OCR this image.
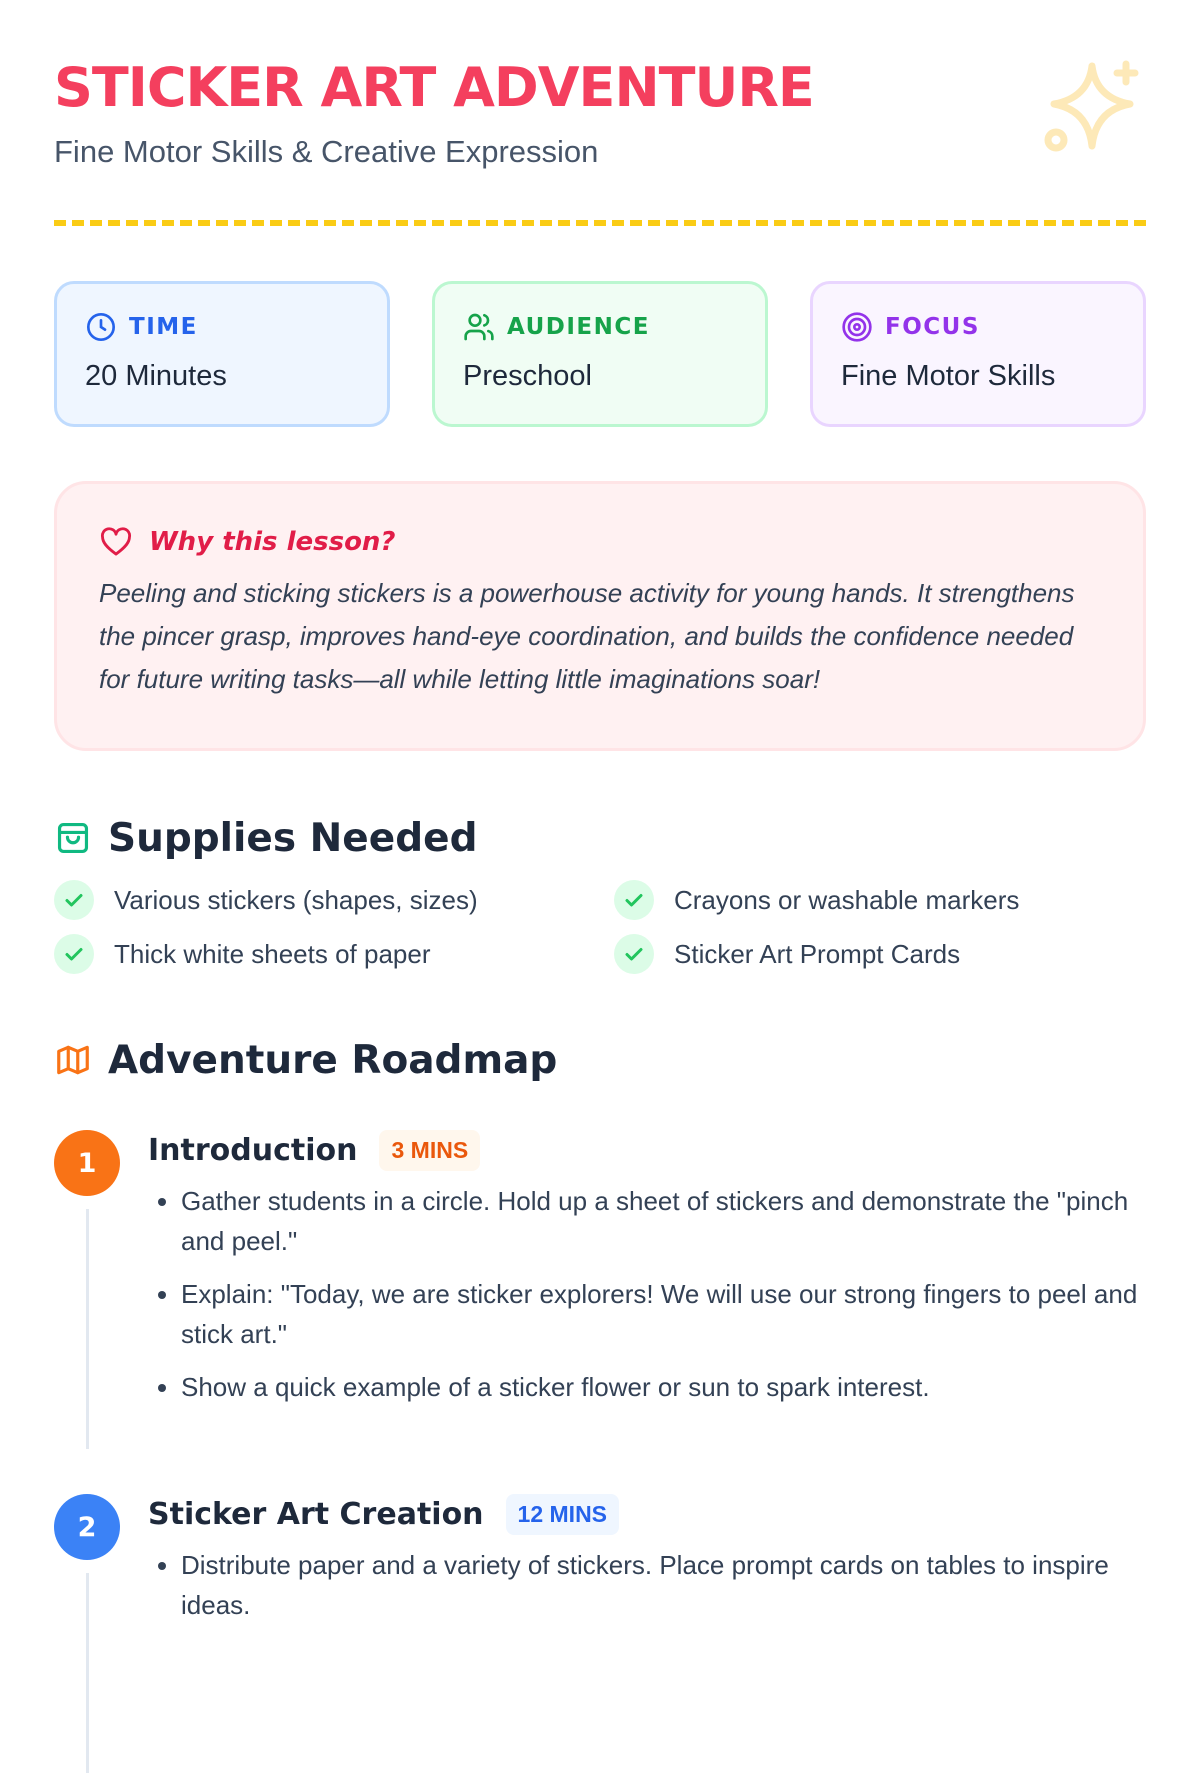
STICKER ART ADVENTURE
Fine Motor Skills & Creative Expression
TIME
20 Minutes
AUDIENCE
Preschool
FOCUS
Fine Motor Skills
Why this lesson?

Peeling and sticking stickers is a powerhouse activity for young hands. It strengthens the pincer grasp, improves hand-eye coordination, and builds the confidence needed for future writing tasks—all while letting little imaginations soar!

Supplies Needed
Various stickers (shapes, sizes)	Crayons or washable markers
Thick white sheets of paper	Sticker Art Prompt Cards
Adventure Roadmap
1	Introduction	3 MINS
• Gather students in a circle. Hold up a sheet of stickers and demonstrate the "pinch and peel."
• Explain: "Today, we are sticker explorers! We will use our strong fingers to peel and stick art."
• Show a quick example of a sticker flower or sun to spark interest.
2	Sticker Art Creation	12 MINS
• Distribute paper and a variety of stickers. Place prompt cards on tables to inspire ideas.
